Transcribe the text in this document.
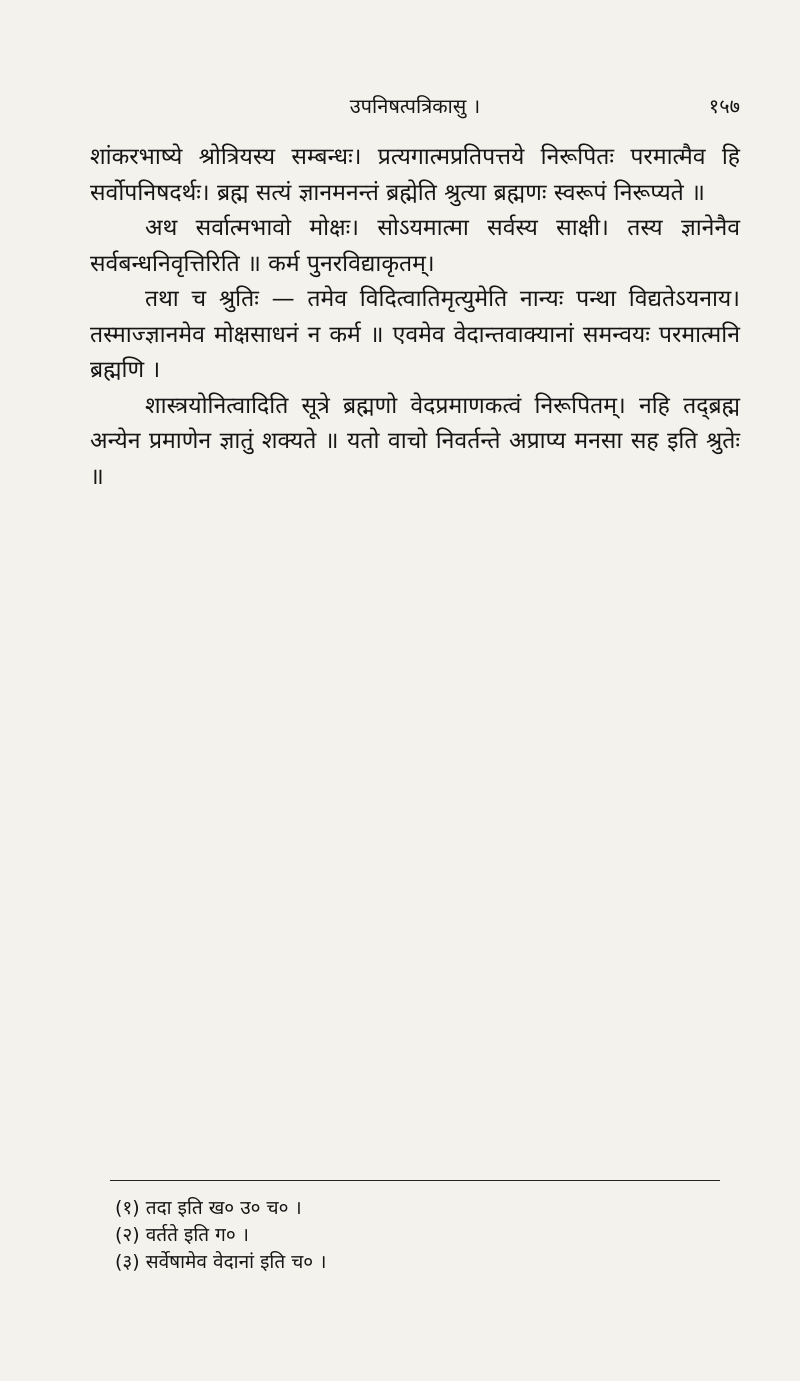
उपनिषत्पत्रिकासु ।	१५७

शांकरभाष्ये श्रोत्रियस्य सम्बन्धः। प्रत्यगात्मप्रतिपत्तये निरूपितः परमात्मैव हि सर्वोपनिषदर्थः। ब्रह्म सत्यं ज्ञानमनन्तं ब्रह्मेति श्रुत्या ब्रह्मणः स्वरूपं निरूप्यते ॥

अथ सर्वात्मभावो मोक्षः। सोऽयमात्मा सर्वस्य साक्षी। तस्य ज्ञानेनैव सर्वबन्धनिवृत्तिरिति ॥ कर्म पुनरविद्याकृतम्।

तथा च श्रुतिः — तमेव विदित्वातिमृत्युमेति नान्यः पन्था विद्यतेऽयनाय। तस्माज्ज्ञानमेव मोक्षसाधनं न कर्म ॥ एवमेव वेदान्तवाक्यानां समन्वयः परमात्मनि ब्रह्मणि ।

शास्त्रयोनित्वादिति सूत्रे ब्रह्मणो वेदप्रमाणकत्वं निरूपितम्। नहि तद्ब्रह्म अन्येन प्रमाणेन ज्ञातुं शक्यते ॥ यतो वाचो निवर्तन्ते अप्राप्य मनसा सह इति श्रुतेः ॥

(१) तदा इति ख० उ० च० ।
(२) वर्तते इति ग० ।
(३) सर्वेषामेव वेदानां इति च० ।
